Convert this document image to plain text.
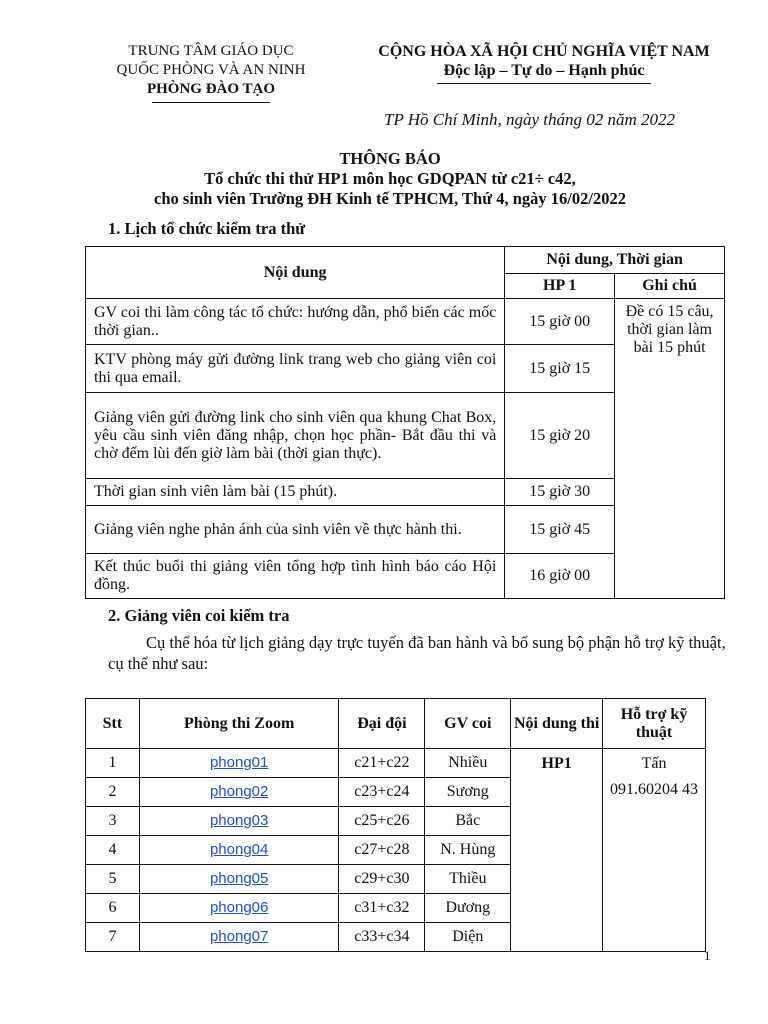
TRUNG TÂM GIÁO DỤC
QUỐC PHÒNG VÀ AN NINH
PHÒNG ĐÀO TẠO
CỘNG HÒA XÃ HỘI CHỦ NGHĨA VIỆT NAM
Độc lập – Tự do – Hạnh phúc
TP Hồ Chí Minh, ngày tháng 02 năm 2022
THÔNG BÁO
Tổ chức thi thử HP1 môn học GDQPAN từ c21÷ c42,
cho sinh viên Trường ĐH Kinh tế TPHCM, Thứ 4, ngày 16/02/2022
1. Lịch tổ chức kiểm tra thử
Nội dung	Nội dung, Thời gian	
	HP 1	Ghi chú
GV coi thi làm công tác tổ chức: hướng dẫn, phổ biến các mốc thời gian..	15 giờ 00	Đề có 15 câu, thời gian làm bài 15 phút
KTV phòng máy gửi đường link trang web cho giảng viên coi thi qua email.	15 giờ 15	
Giảng viên gửi đường link cho sinh viên qua khung Chat Box, yêu cầu sinh viên đăng nhập, chọn học phần- Bắt đầu thi và chờ đếm lùi đến giờ làm bài (thời gian thực).	15 giờ 20	
Thời gian sinh viên làm bài (15 phút).	15 giờ 30	
Giảng viên nghe phản ánh của sinh viên về thực hành thi.	15 giờ 45	
Kết thúc buổi thi giảng viên tổng hợp tình hình báo cáo Hội đồng.	16 giờ 00	
2. Giảng viên coi kiểm tra
Cụ thể hóa từ lịch giảng dạy trực tuyến đã ban hành và bổ sung bộ phận hỗ trợ kỹ thuật, cụ thể như sau:
Stt	Phòng thi Zoom	Đại đội	GV coi	Nội dung thi	Hỗ trợ kỹ thuật
1	phong01	c21+c22	Nhiều	HP1	Tấn
091.60204 43

2	phong02	c23+c24	Sương		
3	phong03	c25+c26	Bắc		
4	phong04	c27+c28	N. Hùng		
5	phong05	c29+c30	Thiều		
6	phong06	c31+c32	Dương		
7	phong07	c33+c34	Diện		
1
